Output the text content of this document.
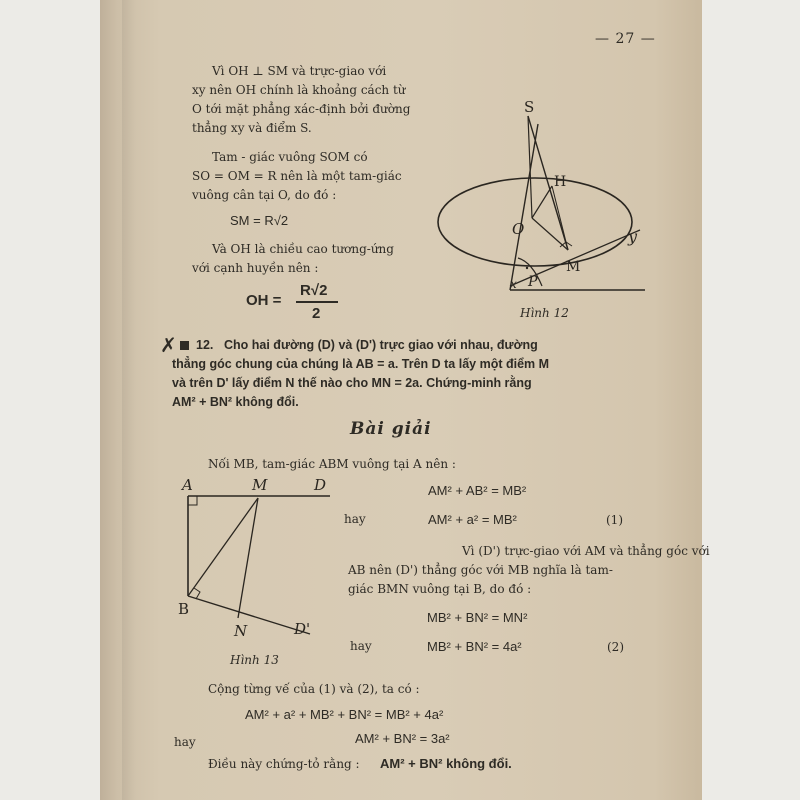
— 27 —
Vì OH ⊥ SM và trực-giao với
xy nên OH chính là khoảng cách từ
O tới mặt phẳng xác-định bởi đường
thẳng xy và điểm S.
Tam - giác vuông SOM có
SO = OM = R nên là một tam-giác
vuông cân tại O, do đó :
SM = R√2
Và OH là chiều cao tương-ứng
với cạnh huyền nên :
OH =
R√2
2
S
H
O
M
y
x P
Hình 12
✗ 12. Cho hai đường (D) và (D') trực giao với nhau, đường
thẳng góc chung của chúng là AB = a. Trên D ta lấy một điểm M
và trên D' lấy điểm N thế nào cho MN = 2a. Chứng-minh rằng
AM² + BN² không đổi.
Bài giải
Nối MB, tam-giác ABM vuông tại A nên :
A	M	D
B
N	D'
Hình 13
AM² + AB² = MB²
hay	AM² + a² = MB²	(1)
Vì (D') trực-giao với AM và thẳng góc với
AB nên (D') thẳng góc với MB nghĩa là tam-
giác BMN vuông tại B, do đó :
MB² + BN² = MN²
hay	MB² + BN² = 4a²	(2)
Cộng từng vế của (1) và (2), ta có :
AM² + a² + MB² + BN² = MB² + 4a²
hay	AM² + BN² = 3a²
Điều này chứng-tỏ rằng : AM² + BN² không đổi.
